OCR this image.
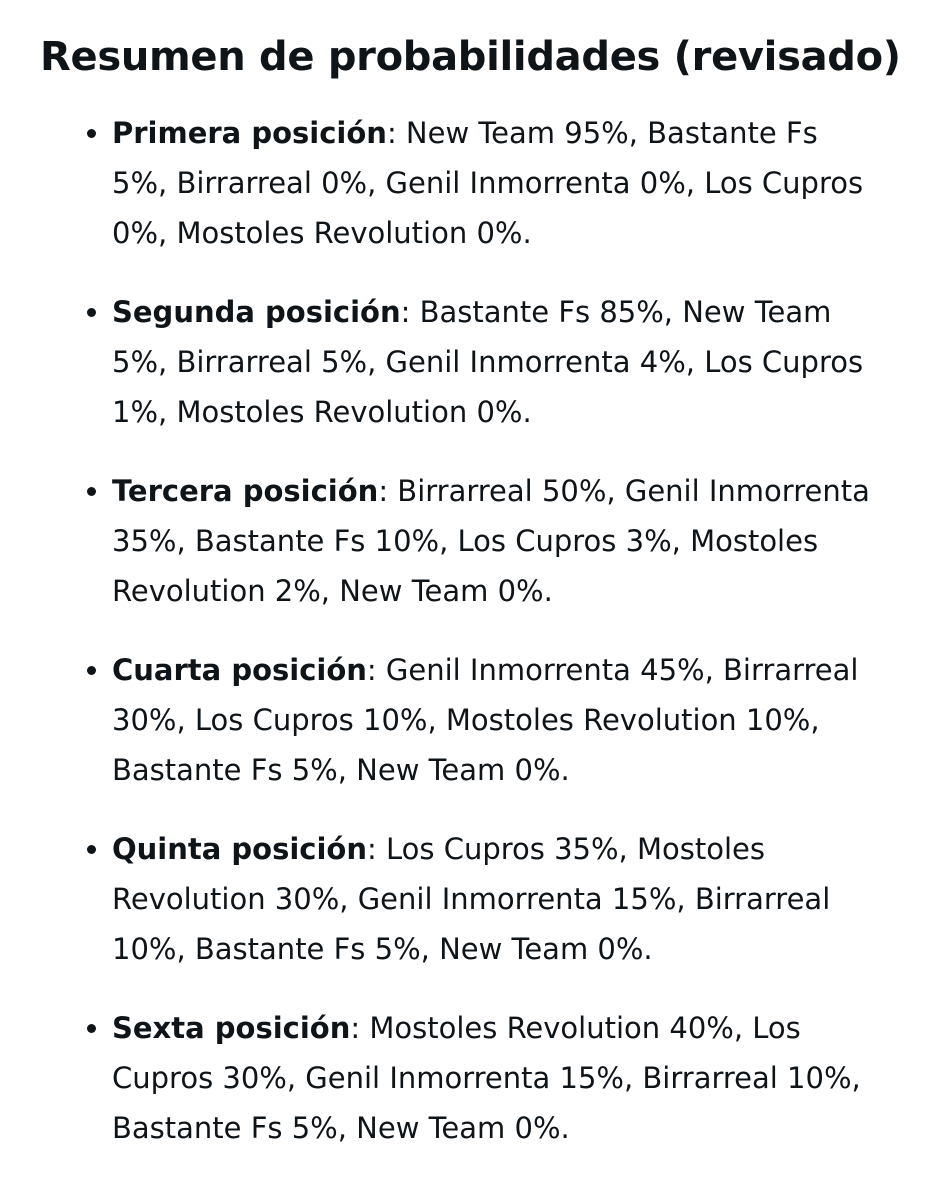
Resumen de probabilidades (revisado)
Primera posición: New Team 95%, Bastante Fs 5%, Birrarreal 0%, Genil Inmorrenta 0%, Los Cupros 0%, Mostoles Revolution 0%.
Segunda posición: Bastante Fs 85%, New Team 5%, Birrarreal 5%, Genil Inmorrenta 4%, Los Cupros 1%, Mostoles Revolution 0%.
Tercera posición: Birrarreal 50%, Genil Inmorrenta 35%, Bastante Fs 10%, Los Cupros 3%, Mostoles Revolution 2%, New Team 0%.
Cuarta posición: Genil Inmorrenta 45%, Birrarreal 30%, Los Cupros 10%, Mostoles Revolution 10%, Bastante Fs 5%, New Team 0%.
Quinta posición: Los Cupros 35%, Mostoles Revolution 30%, Genil Inmorrenta 15%, Birrarreal 10%, Bastante Fs 5%, New Team 0%.
Sexta posición: Mostoles Revolution 40%, Los Cupros 30%, Genil Inmorrenta 15%, Birrarreal 10%, Bastante Fs 5%, New Team 0%.
